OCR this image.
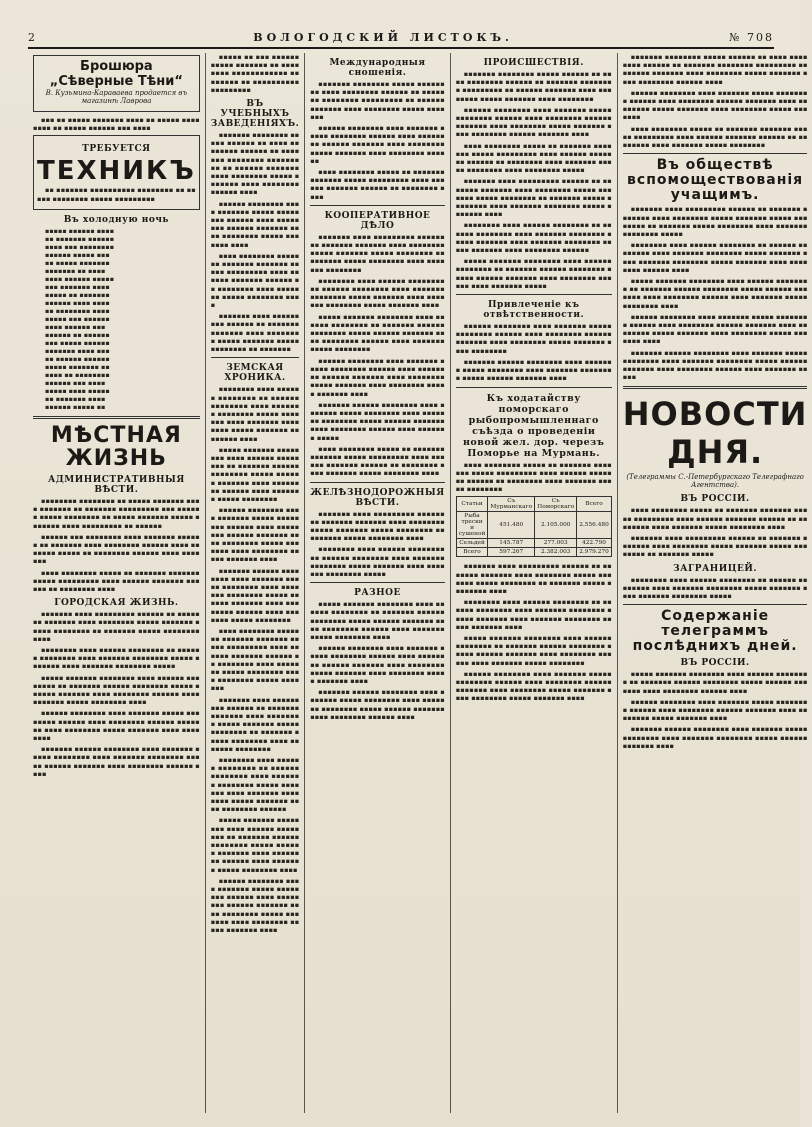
2	ВОЛОГОДСКИЙ ЛИСТОКЪ.	№ 708
Брошюра „Сѣверные Тѣни“
В. Кузьмина-Караваева продается въ магазинѣ Лаврова

▪▪▪ ▪▪ ▪▪▪▪▪ ▪▪▪▪▪▪▪ ▪▪▪▪ ▪▪ ▪▪▪▪▪ ▪▪▪▪▪▪▪▪ ▪▪ ▪▪▪▪▪ ▪▪▪▪▪▪ ▪▪▪ ▪▪▪▪

ТРЕБУЕТСЯ
ТЕХНИКЪ

▪▪ ▪▪▪▪▪▪▪ ▪▪▪▪▪▪▪▪▪▪ ▪▪▪▪▪▪▪▪ ▪▪ ▪▪▪▪▪ ▪▪▪▪▪▪▪▪ ▪▪▪▪▪ ▪▪▪▪▪▪▪▪▪

Въ холодную ночь
▪▪▪▪▪ ▪▪▪▪▪▪ ▪▪▪▪
▪▪ ▪▪▪▪▪▪▪ ▪▪▪▪▪▪
▪▪▪▪ ▪▪▪ ▪▪▪▪▪▪▪▪
▪▪▪▪▪▪ ▪▪▪▪▪ ▪▪▪
▪▪ ▪▪▪▪▪ ▪▪▪▪▪▪▪
▪▪▪▪▪▪▪ ▪▪ ▪▪▪▪
▪▪▪▪ ▪▪▪▪▪▪ ▪▪▪▪▪
▪▪▪ ▪▪▪▪▪▪▪ ▪▪▪▪
▪▪▪▪▪ ▪▪ ▪▪▪▪▪▪▪
▪▪▪▪▪▪ ▪▪▪▪ ▪▪▪▪
▪▪ ▪▪▪▪▪▪▪▪ ▪▪▪▪
▪▪▪▪▪ ▪▪▪ ▪▪▪▪▪▪
▪▪▪▪ ▪▪▪▪▪▪ ▪▪▪
▪▪▪▪▪▪ ▪▪ ▪▪▪▪▪▪
▪▪▪ ▪▪▪▪▪ ▪▪▪▪▪▪
▪▪▪▪▪▪▪ ▪▪▪▪ ▪▪▪
▪▪ ▪▪▪▪▪▪ ▪▪▪▪▪▪
▪▪▪▪▪ ▪▪▪▪▪▪▪ ▪▪
▪▪▪▪ ▪▪ ▪▪▪▪▪▪▪▪
▪▪▪▪▪▪ ▪▪▪ ▪▪▪▪
▪▪▪▪▪ ▪▪▪▪ ▪▪▪▪▪
▪▪ ▪▪▪▪▪▪▪ ▪▪▪▪
▪▪▪▪▪▪ ▪▪▪▪▪ ▪▪
МѢСТНАЯ ЖИЗНЬ
АДМИНИСТРАТИВНЫЯ ВѢСТИ.

▪▪▪▪▪▪▪▪ ▪▪▪▪▪▪▪▪ ▪▪ ▪▪▪▪▪ ▪▪▪▪▪▪▪ ▪▪▪▪ ▪▪▪▪▪▪▪ ▪▪ ▪▪▪▪▪▪▪ ▪▪▪▪▪▪▪▪▪ ▪▪▪ ▪▪▪▪▪▪ ▪▪▪▪▪ ▪▪▪▪▪▪▪▪ ▪▪ ▪▪▪▪▪ ▪▪▪▪▪▪▪ ▪▪▪▪▪ ▪▪▪▪▪▪▪ ▪▪▪▪ ▪▪▪▪▪▪▪▪▪ ▪▪ ▪▪▪▪▪▪

▪▪▪▪▪▪ ▪▪▪ ▪▪▪▪▪▪▪▪ ▪▪▪▪ ▪▪▪▪▪▪▪ ▪▪▪▪▪▪ ▪▪ ▪▪▪▪▪▪▪ ▪▪▪▪ ▪▪▪▪▪▪▪▪ ▪▪▪▪▪▪ ▪▪▪▪ ▪▪▪▪▪▪▪ ▪▪▪▪▪ ▪▪ ▪▪▪▪▪▪▪▪ ▪▪▪▪▪▪ ▪▪▪▪ ▪▪▪▪▪▪▪

▪▪▪▪ ▪▪▪▪▪▪▪▪ ▪▪▪▪▪ ▪▪ ▪▪▪▪▪▪▪ ▪▪▪▪▪▪▪ ▪▪▪▪▪ ▪▪▪▪▪▪▪▪▪ ▪▪▪▪ ▪▪▪▪▪▪ ▪▪▪▪▪▪▪ ▪▪▪▪▪▪ ▪▪ ▪▪▪▪▪▪▪▪ ▪▪▪▪

ГОРОДСКАЯ ЖИЗНЬ.

▪▪▪▪▪▪▪ ▪▪▪▪ ▪▪▪▪▪▪▪▪▪ ▪▪▪▪▪▪ ▪▪ ▪▪▪▪▪▪▪ ▪▪▪▪▪▪▪ ▪▪▪▪ ▪▪▪▪▪▪▪▪ ▪▪▪▪▪ ▪▪▪▪▪▪▪ ▪▪▪▪▪ ▪▪▪▪▪▪▪▪ ▪▪ ▪▪▪▪▪▪▪ ▪▪▪▪▪ ▪▪▪▪▪▪▪▪ ▪▪▪▪

▪▪▪▪▪▪▪▪ ▪▪▪▪ ▪▪▪▪▪▪ ▪▪▪▪▪▪▪▪ ▪▪ ▪▪▪▪▪▪ ▪▪▪▪▪▪▪▪ ▪▪▪▪ ▪▪▪▪▪▪▪ ▪▪▪▪▪▪▪▪ ▪▪▪▪▪ ▪▪▪▪▪▪▪ ▪▪▪▪ ▪▪▪▪▪▪▪ ▪▪▪▪▪▪▪▪ ▪▪▪▪▪

▪▪▪▪▪ ▪▪▪▪▪▪▪ ▪▪▪▪▪▪▪▪ ▪▪▪▪ ▪▪▪▪▪▪ ▪▪▪▪▪▪▪▪ ▪▪ ▪▪▪▪▪▪▪ ▪▪▪▪▪▪ ▪▪▪▪▪▪▪▪ ▪▪▪▪▪ ▪▪▪▪▪▪ ▪▪▪▪▪▪▪ ▪▪▪▪ ▪▪▪▪▪▪▪▪ ▪▪▪▪▪▪ ▪▪▪▪ ▪▪▪▪▪▪▪ ▪▪▪▪▪ ▪▪▪▪▪▪▪▪ ▪▪▪▪

▪▪▪▪▪▪ ▪▪▪▪▪▪▪▪ ▪▪▪▪ ▪▪▪▪▪▪▪ ▪▪▪▪▪ ▪▪▪▪▪▪▪▪ ▪▪▪▪▪▪ ▪▪▪▪ ▪▪▪▪▪▪▪▪ ▪▪▪▪▪▪ ▪▪▪▪▪▪▪ ▪▪▪▪ ▪▪▪▪▪▪▪▪ ▪▪▪▪▪ ▪▪▪▪▪▪▪ ▪▪▪▪ ▪▪▪▪▪▪▪▪

▪▪▪▪▪▪▪ ▪▪▪▪▪▪ ▪▪▪▪▪▪▪▪ ▪▪▪▪ ▪▪▪▪▪▪▪ ▪▪▪▪▪ ▪▪▪▪▪▪▪▪ ▪▪▪▪ ▪▪▪▪▪▪▪ ▪▪▪▪▪▪▪▪ ▪▪▪▪▪ ▪▪▪▪▪▪ ▪▪▪▪▪▪▪ ▪▪▪▪ ▪▪▪▪▪▪▪▪ ▪▪▪▪▪▪ ▪▪▪▪

▪▪▪▪▪ ▪▪ ▪▪▪ ▪▪▪▪▪▪ ▪▪▪▪▪ ▪▪▪▪▪▪▪ ▪▪ ▪▪▪▪▪▪▪▪ ▪▪▪▪▪▪▪▪▪▪▪▪ ▪▪▪▪▪▪▪▪ ▪▪ ▪▪▪▪▪▪▪▪▪▪ ▪▪▪▪▪▪▪▪▪

ВЪ УЧЕБНЫХЪ ЗАВЕДЕНІЯХЪ.

▪▪▪▪▪▪▪ ▪▪▪▪▪▪▪▪ ▪▪▪▪▪ ▪▪▪▪▪▪ ▪▪ ▪▪▪▪ ▪▪▪▪▪▪▪▪ ▪▪▪▪▪▪ ▪▪ ▪▪▪▪▪▪▪ ▪▪▪▪▪▪▪▪ ▪▪▪▪▪▪▪▪▪ ▪▪ ▪▪▪▪▪▪ ▪▪▪▪▪▪▪ ▪▪▪▪ ▪▪▪▪▪▪▪▪ ▪▪▪▪▪ ▪▪▪▪▪▪▪ ▪▪▪▪ ▪▪▪▪▪▪▪▪ ▪▪▪▪▪▪ ▪▪▪▪

▪▪▪▪▪▪ ▪▪▪▪▪▪▪▪ ▪▪▪▪ ▪▪▪▪▪▪▪ ▪▪▪▪▪ ▪▪▪▪▪▪▪▪ ▪▪▪▪▪▪ ▪▪▪▪ ▪▪▪▪▪▪▪▪ ▪▪▪▪▪▪ ▪▪▪▪▪▪▪ ▪▪▪▪ ▪▪▪▪▪▪▪▪ ▪▪▪▪▪ ▪▪▪▪▪▪▪ ▪▪▪▪

▪▪▪▪ ▪▪▪▪▪▪▪▪ ▪▪▪▪▪ ▪▪ ▪▪▪▪▪▪▪ ▪▪▪▪▪▪▪ ▪▪▪▪▪ ▪▪▪▪▪▪▪▪▪ ▪▪▪▪ ▪▪▪▪▪▪ ▪▪▪▪▪▪▪ ▪▪▪▪▪▪ ▪▪ ▪▪▪▪▪▪▪▪ ▪▪▪▪ ▪▪▪▪▪▪▪ ▪▪▪▪▪ ▪▪▪▪▪▪▪▪ ▪▪▪▪

▪▪▪▪▪▪▪ ▪▪▪▪ ▪▪▪▪▪▪▪▪▪ ▪▪▪▪▪▪ ▪▪ ▪▪▪▪▪▪▪ ▪▪▪▪▪▪▪ ▪▪▪▪ ▪▪▪▪▪▪▪▪ ▪▪▪▪▪ ▪▪▪▪▪▪▪ ▪▪▪▪▪ ▪▪▪▪▪▪▪▪ ▪▪ ▪▪▪▪▪▪▪

ЗЕМСКАЯ ХРОНИКА.

▪▪▪▪▪▪▪▪ ▪▪▪▪ ▪▪▪▪▪▪ ▪▪▪▪▪▪▪▪ ▪▪ ▪▪▪▪▪▪ ▪▪▪▪▪▪▪▪ ▪▪▪▪ ▪▪▪▪▪▪▪ ▪▪▪▪▪▪▪▪ ▪▪▪▪▪ ▪▪▪▪▪▪▪ ▪▪▪▪ ▪▪▪▪▪▪▪ ▪▪▪▪▪▪▪▪ ▪▪▪▪▪ ▪▪▪▪▪▪▪ ▪▪▪▪▪▪▪▪ ▪▪▪▪

▪▪▪▪▪ ▪▪▪▪▪▪▪ ▪▪▪▪▪▪▪▪ ▪▪▪▪ ▪▪▪▪▪▪ ▪▪▪▪▪▪▪▪ ▪▪ ▪▪▪▪▪▪▪ ▪▪▪▪▪▪ ▪▪▪▪▪▪▪▪ ▪▪▪▪▪ ▪▪▪▪▪▪ ▪▪▪▪▪▪▪ ▪▪▪▪ ▪▪▪▪▪▪▪▪ ▪▪▪▪▪▪ ▪▪▪▪ ▪▪▪▪▪▪▪ ▪▪▪▪▪ ▪▪▪▪▪▪▪▪

▪▪▪▪▪▪ ▪▪▪▪▪▪▪▪ ▪▪▪▪ ▪▪▪▪▪▪▪ ▪▪▪▪▪ ▪▪▪▪▪▪▪▪ ▪▪▪▪▪▪ ▪▪▪▪ ▪▪▪▪▪▪▪▪ ▪▪▪▪▪▪ ▪▪▪▪▪▪▪ ▪▪▪▪ ▪▪▪▪▪▪▪▪ ▪▪▪▪▪ ▪▪▪▪▪▪▪ ▪▪▪▪ ▪▪▪▪▪▪▪▪ ▪▪▪▪▪ ▪▪▪▪▪▪▪ ▪▪▪▪

▪▪▪▪▪▪▪ ▪▪▪▪▪▪ ▪▪▪▪▪▪▪▪ ▪▪▪▪ ▪▪▪▪▪▪▪ ▪▪▪▪▪ ▪▪▪▪▪▪▪▪ ▪▪▪▪ ▪▪▪▪▪▪▪ ▪▪▪▪▪▪▪▪ ▪▪▪▪▪ ▪▪▪▪▪▪ ▪▪▪▪▪▪▪ ▪▪▪▪ ▪▪▪▪▪▪▪▪ ▪▪▪▪▪▪ ▪▪▪▪ ▪▪▪▪▪▪▪ ▪▪▪▪▪ ▪▪▪▪▪▪▪▪

▪▪▪▪ ▪▪▪▪▪▪▪▪ ▪▪▪▪▪ ▪▪ ▪▪▪▪▪▪▪ ▪▪▪▪▪▪▪ ▪▪▪▪▪ ▪▪▪▪▪▪▪▪▪ ▪▪▪▪ ▪▪▪▪▪▪ ▪▪▪▪▪▪▪ ▪▪▪▪▪▪ ▪▪ ▪▪▪▪▪▪▪▪ ▪▪▪▪ ▪▪▪▪▪▪▪ ▪▪▪▪▪ ▪▪▪▪▪▪▪▪ ▪▪▪▪ ▪▪▪▪▪▪▪▪ ▪▪▪▪▪ ▪▪▪▪▪▪▪

▪▪▪▪▪▪▪ ▪▪▪▪ ▪▪▪▪▪▪▪▪▪ ▪▪▪▪▪▪ ▪▪ ▪▪▪▪▪▪▪ ▪▪▪▪▪▪▪ ▪▪▪▪ ▪▪▪▪▪▪▪▪ ▪▪▪▪▪ ▪▪▪▪▪▪▪ ▪▪▪▪▪ ▪▪▪▪▪▪▪▪ ▪▪ ▪▪▪▪▪▪▪ ▪▪▪▪▪ ▪▪▪▪▪▪▪▪ ▪▪▪▪ ▪▪▪▪▪▪▪ ▪▪▪▪▪▪▪▪

▪▪▪▪▪▪▪▪ ▪▪▪▪ ▪▪▪▪▪▪ ▪▪▪▪▪▪▪▪ ▪▪ ▪▪▪▪▪▪ ▪▪▪▪▪▪▪▪ ▪▪▪▪ ▪▪▪▪▪▪▪ ▪▪▪▪▪▪▪▪ ▪▪▪▪▪ ▪▪▪▪▪▪▪ ▪▪▪▪ ▪▪▪▪▪▪▪ ▪▪▪▪▪▪▪▪ ▪▪▪▪▪ ▪▪▪▪▪▪▪ ▪▪▪▪ ▪▪▪▪▪▪▪▪ ▪▪▪▪▪▪

▪▪▪▪▪ ▪▪▪▪▪▪▪ ▪▪▪▪▪▪▪▪ ▪▪▪▪ ▪▪▪▪▪▪ ▪▪▪▪▪▪▪▪ ▪▪ ▪▪▪▪▪▪▪ ▪▪▪▪▪▪ ▪▪▪▪▪▪▪▪ ▪▪▪▪▪ ▪▪▪▪▪▪ ▪▪▪▪▪▪▪ ▪▪▪▪ ▪▪▪▪▪▪▪▪ ▪▪▪▪▪▪ ▪▪▪▪ ▪▪▪▪▪▪▪ ▪▪▪▪▪ ▪▪▪▪▪▪▪▪ ▪▪▪▪

▪▪▪▪▪▪ ▪▪▪▪▪▪▪▪ ▪▪▪▪ ▪▪▪▪▪▪▪ ▪▪▪▪▪ ▪▪▪▪▪▪▪▪ ▪▪▪▪▪▪ ▪▪▪▪ ▪▪▪▪▪▪▪▪ ▪▪▪▪▪▪ ▪▪▪▪▪▪▪ ▪▪▪▪ ▪▪▪▪▪▪▪▪ ▪▪▪▪▪ ▪▪▪▪▪▪▪ ▪▪▪▪ ▪▪▪▪▪▪▪▪ ▪▪▪▪▪ ▪▪▪▪▪▪▪ ▪▪▪▪

Международныя сношенія.

▪▪▪▪▪▪▪ ▪▪▪▪▪▪▪▪ ▪▪▪▪▪ ▪▪▪▪▪▪ ▪▪ ▪▪▪▪ ▪▪▪▪▪▪▪▪ ▪▪▪▪▪▪ ▪▪ ▪▪▪▪▪▪▪ ▪▪▪▪▪▪▪▪ ▪▪▪▪▪▪▪▪▪ ▪▪ ▪▪▪▪▪▪ ▪▪▪▪▪▪▪ ▪▪▪▪ ▪▪▪▪▪▪▪▪ ▪▪▪▪▪ ▪▪▪▪▪▪▪

▪▪▪▪▪▪ ▪▪▪▪▪▪▪▪ ▪▪▪▪ ▪▪▪▪▪▪▪ ▪▪▪▪▪ ▪▪▪▪▪▪▪▪ ▪▪▪▪▪▪ ▪▪▪▪ ▪▪▪▪▪▪▪▪ ▪▪▪▪▪▪ ▪▪▪▪▪▪▪ ▪▪▪▪ ▪▪▪▪▪▪▪▪ ▪▪▪▪▪ ▪▪▪▪▪▪▪ ▪▪▪▪ ▪▪▪▪▪▪▪▪ ▪▪▪▪▪▪

▪▪▪▪ ▪▪▪▪▪▪▪▪ ▪▪▪▪▪ ▪▪ ▪▪▪▪▪▪▪ ▪▪▪▪▪▪▪ ▪▪▪▪▪ ▪▪▪▪▪▪▪▪▪ ▪▪▪▪ ▪▪▪▪▪▪ ▪▪▪▪▪▪▪ ▪▪▪▪▪▪ ▪▪ ▪▪▪▪▪▪▪▪ ▪▪▪▪

КООПЕРАТИВНОЕ ДѢЛО

▪▪▪▪▪▪▪ ▪▪▪▪ ▪▪▪▪▪▪▪▪▪ ▪▪▪▪▪▪ ▪▪ ▪▪▪▪▪▪▪ ▪▪▪▪▪▪▪ ▪▪▪▪ ▪▪▪▪▪▪▪▪ ▪▪▪▪▪ ▪▪▪▪▪▪▪ ▪▪▪▪▪ ▪▪▪▪▪▪▪▪ ▪▪ ▪▪▪▪▪▪▪ ▪▪▪▪▪ ▪▪▪▪▪▪▪▪ ▪▪▪▪ ▪▪▪▪▪▪▪ ▪▪▪▪▪▪▪▪

▪▪▪▪▪▪▪▪ ▪▪▪▪ ▪▪▪▪▪▪ ▪▪▪▪▪▪▪▪ ▪▪ ▪▪▪▪▪▪ ▪▪▪▪▪▪▪▪ ▪▪▪▪ ▪▪▪▪▪▪▪ ▪▪▪▪▪▪▪▪ ▪▪▪▪▪ ▪▪▪▪▪▪▪ ▪▪▪▪ ▪▪▪▪▪▪▪ ▪▪▪▪▪▪▪▪ ▪▪▪▪▪ ▪▪▪▪▪▪▪ ▪▪▪▪

▪▪▪▪▪ ▪▪▪▪▪▪▪ ▪▪▪▪▪▪▪▪ ▪▪▪▪ ▪▪▪▪▪▪ ▪▪▪▪▪▪▪▪ ▪▪ ▪▪▪▪▪▪▪ ▪▪▪▪▪▪ ▪▪▪▪▪▪▪▪ ▪▪▪▪▪ ▪▪▪▪▪▪ ▪▪▪▪▪▪▪ ▪▪▪▪ ▪▪▪▪▪▪▪▪ ▪▪▪▪▪▪ ▪▪▪▪ ▪▪▪▪▪▪▪ ▪▪▪▪▪ ▪▪▪▪▪▪▪▪

▪▪▪▪▪▪ ▪▪▪▪▪▪▪▪ ▪▪▪▪ ▪▪▪▪▪▪▪ ▪▪▪▪▪ ▪▪▪▪▪▪▪▪ ▪▪▪▪▪▪ ▪▪▪▪ ▪▪▪▪▪▪▪▪ ▪▪▪▪▪▪ ▪▪▪▪▪▪▪ ▪▪▪▪ ▪▪▪▪▪▪▪▪ ▪▪▪▪▪ ▪▪▪▪▪▪▪ ▪▪▪▪ ▪▪▪▪▪▪▪▪ ▪▪▪▪▪ ▪▪▪▪▪▪▪ ▪▪▪▪

▪▪▪▪▪▪▪ ▪▪▪▪▪▪ ▪▪▪▪▪▪▪▪ ▪▪▪▪ ▪▪▪▪▪▪▪ ▪▪▪▪▪ ▪▪▪▪▪▪▪▪ ▪▪▪▪ ▪▪▪▪▪▪▪ ▪▪▪▪▪▪▪▪ ▪▪▪▪▪ ▪▪▪▪▪▪ ▪▪▪▪▪▪▪ ▪▪▪▪ ▪▪▪▪▪▪▪▪ ▪▪▪▪▪▪ ▪▪▪▪ ▪▪▪▪▪▪▪ ▪▪▪▪▪

▪▪▪▪ ▪▪▪▪▪▪▪▪ ▪▪▪▪▪ ▪▪ ▪▪▪▪▪▪▪ ▪▪▪▪▪▪▪ ▪▪▪▪▪ ▪▪▪▪▪▪▪▪▪ ▪▪▪▪ ▪▪▪▪▪▪ ▪▪▪▪▪▪▪ ▪▪▪▪▪▪ ▪▪ ▪▪▪▪▪▪▪▪ ▪▪▪▪ ▪▪▪▪▪▪▪ ▪▪▪▪▪ ▪▪▪▪▪▪▪▪ ▪▪▪▪

ЖЕЛѢЗНОДОРОЖНЫЯ ВѢСТИ.

▪▪▪▪▪▪▪ ▪▪▪▪ ▪▪▪▪▪▪▪▪▪ ▪▪▪▪▪▪ ▪▪ ▪▪▪▪▪▪▪ ▪▪▪▪▪▪▪ ▪▪▪▪ ▪▪▪▪▪▪▪▪ ▪▪▪▪▪ ▪▪▪▪▪▪▪ ▪▪▪▪▪ ▪▪▪▪▪▪▪▪ ▪▪ ▪▪▪▪▪▪▪ ▪▪▪▪▪ ▪▪▪▪▪▪▪▪ ▪▪▪▪

▪▪▪▪▪▪▪▪ ▪▪▪▪ ▪▪▪▪▪▪ ▪▪▪▪▪▪▪▪ ▪▪ ▪▪▪▪▪▪ ▪▪▪▪▪▪▪▪ ▪▪▪▪ ▪▪▪▪▪▪▪ ▪▪▪▪▪▪▪▪ ▪▪▪▪▪ ▪▪▪▪▪▪▪ ▪▪▪▪ ▪▪▪▪▪▪▪ ▪▪▪▪▪▪▪▪ ▪▪▪▪▪

РАЗНОЕ

▪▪▪▪▪ ▪▪▪▪▪▪▪ ▪▪▪▪▪▪▪▪ ▪▪▪▪ ▪▪▪▪▪▪ ▪▪▪▪▪▪▪▪ ▪▪ ▪▪▪▪▪▪▪ ▪▪▪▪▪▪ ▪▪▪▪▪▪▪▪ ▪▪▪▪▪ ▪▪▪▪▪▪ ▪▪▪▪▪▪▪ ▪▪▪▪ ▪▪▪▪▪▪▪▪ ▪▪▪▪▪▪ ▪▪▪▪ ▪▪▪▪▪▪▪ ▪▪▪▪▪ ▪▪▪▪▪▪▪▪ ▪▪▪▪

▪▪▪▪▪▪ ▪▪▪▪▪▪▪▪ ▪▪▪▪ ▪▪▪▪▪▪▪ ▪▪▪▪▪ ▪▪▪▪▪▪▪▪ ▪▪▪▪▪▪ ▪▪▪▪ ▪▪▪▪▪▪▪▪ ▪▪▪▪▪▪ ▪▪▪▪▪▪▪ ▪▪▪▪ ▪▪▪▪▪▪▪▪ ▪▪▪▪▪ ▪▪▪▪▪▪▪ ▪▪▪▪ ▪▪▪▪▪▪▪▪ ▪▪▪▪▪ ▪▪▪▪▪▪▪ ▪▪▪▪

▪▪▪▪▪▪▪ ▪▪▪▪▪▪ ▪▪▪▪▪▪▪▪ ▪▪▪▪ ▪▪▪▪▪▪▪ ▪▪▪▪▪ ▪▪▪▪▪▪▪▪ ▪▪▪▪ ▪▪▪▪▪▪▪ ▪▪▪▪▪▪▪▪ ▪▪▪▪▪ ▪▪▪▪▪▪ ▪▪▪▪▪▪▪ ▪▪▪▪ ▪▪▪▪▪▪▪▪ ▪▪▪▪▪▪ ▪▪▪▪

ПРОИСШЕСТВІЯ.

▪▪▪▪▪▪▪ ▪▪▪▪▪▪▪▪ ▪▪▪▪▪ ▪▪▪▪▪▪ ▪▪ ▪▪▪▪ ▪▪▪▪▪▪▪▪ ▪▪▪▪▪▪ ▪▪ ▪▪▪▪▪▪▪ ▪▪▪▪▪▪▪▪ ▪▪▪▪▪▪▪▪▪ ▪▪ ▪▪▪▪▪▪ ▪▪▪▪▪▪▪ ▪▪▪▪ ▪▪▪▪▪▪▪▪ ▪▪▪▪▪ ▪▪▪▪▪▪▪ ▪▪▪▪ ▪▪▪▪▪▪▪▪

▪▪▪▪▪▪ ▪▪▪▪▪▪▪▪ ▪▪▪▪ ▪▪▪▪▪▪▪ ▪▪▪▪▪ ▪▪▪▪▪▪▪▪ ▪▪▪▪▪▪ ▪▪▪▪ ▪▪▪▪▪▪▪▪ ▪▪▪▪▪▪ ▪▪▪▪▪▪▪ ▪▪▪▪ ▪▪▪▪▪▪▪▪ ▪▪▪▪▪ ▪▪▪▪▪▪▪ ▪▪▪▪ ▪▪▪▪▪▪▪▪ ▪▪▪▪▪▪ ▪▪▪▪▪▪▪ ▪▪▪▪

▪▪▪▪ ▪▪▪▪▪▪▪▪ ▪▪▪▪▪ ▪▪ ▪▪▪▪▪▪▪ ▪▪▪▪▪▪▪ ▪▪▪▪▪ ▪▪▪▪▪▪▪▪▪ ▪▪▪▪ ▪▪▪▪▪▪ ▪▪▪▪▪▪▪ ▪▪▪▪▪▪ ▪▪ ▪▪▪▪▪▪▪▪ ▪▪▪▪ ▪▪▪▪▪▪▪ ▪▪▪▪▪ ▪▪▪▪▪▪▪▪ ▪▪▪▪ ▪▪▪▪▪▪▪▪ ▪▪▪▪▪

▪▪▪▪▪▪▪ ▪▪▪▪ ▪▪▪▪▪▪▪▪▪ ▪▪▪▪▪▪ ▪▪ ▪▪▪▪▪▪▪ ▪▪▪▪▪▪▪ ▪▪▪▪ ▪▪▪▪▪▪▪▪ ▪▪▪▪▪ ▪▪▪▪▪▪▪ ▪▪▪▪▪ ▪▪▪▪▪▪▪▪ ▪▪ ▪▪▪▪▪▪▪ ▪▪▪▪▪ ▪▪▪▪▪▪▪▪ ▪▪▪▪ ▪▪▪▪▪▪▪ ▪▪▪▪▪▪▪▪ ▪▪▪▪▪ ▪▪▪▪▪▪▪ ▪▪▪▪

▪▪▪▪▪▪▪▪ ▪▪▪▪ ▪▪▪▪▪▪ ▪▪▪▪▪▪▪▪ ▪▪ ▪▪▪▪▪▪ ▪▪▪▪▪▪▪▪ ▪▪▪▪ ▪▪▪▪▪▪▪ ▪▪▪▪▪▪▪▪ ▪▪▪▪▪ ▪▪▪▪▪▪▪ ▪▪▪▪ ▪▪▪▪▪▪▪ ▪▪▪▪▪▪▪▪ ▪▪▪▪▪ ▪▪▪▪▪▪▪ ▪▪▪▪ ▪▪▪▪▪▪▪▪ ▪▪▪▪▪▪

▪▪▪▪▪ ▪▪▪▪▪▪▪ ▪▪▪▪▪▪▪▪ ▪▪▪▪ ▪▪▪▪▪▪ ▪▪▪▪▪▪▪▪ ▪▪ ▪▪▪▪▪▪▪ ▪▪▪▪▪▪ ▪▪▪▪▪▪▪▪ ▪▪▪▪▪ ▪▪▪▪▪▪ ▪▪▪▪▪▪▪ ▪▪▪▪ ▪▪▪▪▪▪▪▪ ▪▪▪▪▪▪ ▪▪▪▪ ▪▪▪▪▪▪▪ ▪▪▪▪▪

Привлеченіе къ отвѣтственности.

▪▪▪▪▪▪ ▪▪▪▪▪▪▪▪ ▪▪▪▪ ▪▪▪▪▪▪▪ ▪▪▪▪▪ ▪▪▪▪▪▪▪▪ ▪▪▪▪▪▪ ▪▪▪▪ ▪▪▪▪▪▪▪▪ ▪▪▪▪▪▪ ▪▪▪▪▪▪▪ ▪▪▪▪ ▪▪▪▪▪▪▪▪ ▪▪▪▪▪ ▪▪▪▪▪▪▪ ▪▪▪▪ ▪▪▪▪▪▪▪▪

▪▪▪▪▪▪▪ ▪▪▪▪▪▪ ▪▪▪▪▪▪▪▪ ▪▪▪▪ ▪▪▪▪▪▪▪ ▪▪▪▪▪ ▪▪▪▪▪▪▪▪ ▪▪▪▪ ▪▪▪▪▪▪▪ ▪▪▪▪▪▪▪▪ ▪▪▪▪▪ ▪▪▪▪▪▪ ▪▪▪▪▪▪▪ ▪▪▪▪

Къ ходатайству поморскаго рыбопромышленнаго съѣзда о проведеніи новой жел. дор. черезъ Поморье на Мурмань.

▪▪▪▪ ▪▪▪▪▪▪▪▪ ▪▪▪▪▪ ▪▪ ▪▪▪▪▪▪▪ ▪▪▪▪▪▪▪ ▪▪▪▪▪ ▪▪▪▪▪▪▪▪▪ ▪▪▪▪ ▪▪▪▪▪▪ ▪▪▪▪▪▪▪ ▪▪▪▪▪▪ ▪▪ ▪▪▪▪▪▪▪▪ ▪▪▪▪ ▪▪▪▪▪▪▪ ▪▪▪▪▪ ▪▪▪▪▪▪▪▪

Статьи	Съ Мурманскаго	Съ Поморскаго	Всего
Рыба трески и сушеной	451.480	2.105.000	2.556.480
Сельдей	145.787	277.003	422.790
Всего	597.267	2.382.003	2.979.270

▪▪▪▪▪▪▪ ▪▪▪▪ ▪▪▪▪▪▪▪▪▪ ▪▪▪▪▪▪ ▪▪ ▪▪▪▪▪▪▪ ▪▪▪▪▪▪▪ ▪▪▪▪ ▪▪▪▪▪▪▪▪ ▪▪▪▪▪ ▪▪▪▪▪▪▪ ▪▪▪▪▪ ▪▪▪▪▪▪▪▪ ▪▪ ▪▪▪▪▪▪▪ ▪▪▪▪▪ ▪▪▪▪▪▪▪▪ ▪▪▪▪

▪▪▪▪▪▪▪▪ ▪▪▪▪ ▪▪▪▪▪▪ ▪▪▪▪▪▪▪▪ ▪▪ ▪▪▪▪▪▪ ▪▪▪▪▪▪▪▪ ▪▪▪▪ ▪▪▪▪▪▪▪ ▪▪▪▪▪▪▪▪ ▪▪▪▪▪ ▪▪▪▪▪▪▪ ▪▪▪▪ ▪▪▪▪▪▪▪ ▪▪▪▪▪▪▪▪ ▪▪▪▪▪ ▪▪▪▪▪▪▪ ▪▪▪▪

▪▪▪▪▪ ▪▪▪▪▪▪▪ ▪▪▪▪▪▪▪▪ ▪▪▪▪ ▪▪▪▪▪▪ ▪▪▪▪▪▪▪▪ ▪▪ ▪▪▪▪▪▪▪ ▪▪▪▪▪▪ ▪▪▪▪▪▪▪▪ ▪▪▪▪▪ ▪▪▪▪▪▪ ▪▪▪▪▪▪▪ ▪▪▪▪ ▪▪▪▪▪▪▪▪ ▪▪▪▪▪▪ ▪▪▪▪ ▪▪▪▪▪▪▪ ▪▪▪▪▪ ▪▪▪▪▪▪▪▪

▪▪▪▪▪▪ ▪▪▪▪▪▪▪▪ ▪▪▪▪ ▪▪▪▪▪▪▪ ▪▪▪▪▪ ▪▪▪▪▪▪▪▪ ▪▪▪▪▪▪ ▪▪▪▪ ▪▪▪▪▪▪▪▪ ▪▪▪▪▪▪ ▪▪▪▪▪▪▪ ▪▪▪▪ ▪▪▪▪▪▪▪▪ ▪▪▪▪▪ ▪▪▪▪▪▪▪ ▪▪▪▪ ▪▪▪▪▪▪▪▪ ▪▪▪▪▪ ▪▪▪▪▪▪▪ ▪▪▪▪

▪▪▪▪▪▪▪ ▪▪▪▪▪▪▪▪ ▪▪▪▪▪ ▪▪▪▪▪▪ ▪▪ ▪▪▪▪ ▪▪▪▪▪▪▪▪ ▪▪▪▪▪▪ ▪▪ ▪▪▪▪▪▪▪ ▪▪▪▪▪▪▪▪ ▪▪▪▪▪▪▪▪▪ ▪▪ ▪▪▪▪▪▪ ▪▪▪▪▪▪▪ ▪▪▪▪ ▪▪▪▪▪▪▪▪ ▪▪▪▪▪ ▪▪▪▪▪▪▪ ▪▪▪▪ ▪▪▪▪▪▪▪▪ ▪▪▪▪▪▪ ▪▪▪▪

▪▪▪▪▪▪ ▪▪▪▪▪▪▪▪ ▪▪▪▪ ▪▪▪▪▪▪▪ ▪▪▪▪▪ ▪▪▪▪▪▪▪▪ ▪▪▪▪▪▪ ▪▪▪▪ ▪▪▪▪▪▪▪▪ ▪▪▪▪▪▪ ▪▪▪▪▪▪▪ ▪▪▪▪ ▪▪▪▪▪▪▪▪ ▪▪▪▪▪ ▪▪▪▪▪▪▪ ▪▪▪▪ ▪▪▪▪▪▪▪▪ ▪▪▪▪▪ ▪▪▪▪▪▪▪

▪▪▪▪ ▪▪▪▪▪▪▪▪ ▪▪▪▪▪ ▪▪ ▪▪▪▪▪▪▪ ▪▪▪▪▪▪▪ ▪▪▪▪▪ ▪▪▪▪▪▪▪▪▪ ▪▪▪▪ ▪▪▪▪▪▪ ▪▪▪▪▪▪▪ ▪▪▪▪▪▪ ▪▪ ▪▪▪▪▪▪▪▪ ▪▪▪▪ ▪▪▪▪▪▪▪ ▪▪▪▪▪ ▪▪▪▪▪▪▪▪

Въ обществѣ вспомоществованія учащимъ.

▪▪▪▪▪▪▪ ▪▪▪▪ ▪▪▪▪▪▪▪▪▪ ▪▪▪▪▪▪ ▪▪ ▪▪▪▪▪▪▪ ▪▪▪▪▪▪▪ ▪▪▪▪ ▪▪▪▪▪▪▪▪ ▪▪▪▪▪ ▪▪▪▪▪▪▪ ▪▪▪▪▪ ▪▪▪▪▪▪▪▪ ▪▪ ▪▪▪▪▪▪▪ ▪▪▪▪▪ ▪▪▪▪▪▪▪▪ ▪▪▪▪ ▪▪▪▪▪▪▪ ▪▪▪▪▪▪▪▪ ▪▪▪▪▪

▪▪▪▪▪▪▪▪ ▪▪▪▪ ▪▪▪▪▪▪ ▪▪▪▪▪▪▪▪ ▪▪ ▪▪▪▪▪▪ ▪▪▪▪▪▪▪▪ ▪▪▪▪ ▪▪▪▪▪▪▪ ▪▪▪▪▪▪▪▪ ▪▪▪▪▪ ▪▪▪▪▪▪▪ ▪▪▪▪ ▪▪▪▪▪▪▪ ▪▪▪▪▪▪▪▪ ▪▪▪▪▪ ▪▪▪▪▪▪▪ ▪▪▪▪ ▪▪▪▪▪▪▪▪ ▪▪▪▪▪▪ ▪▪▪▪

▪▪▪▪▪ ▪▪▪▪▪▪▪ ▪▪▪▪▪▪▪▪ ▪▪▪▪ ▪▪▪▪▪▪ ▪▪▪▪▪▪▪▪ ▪▪ ▪▪▪▪▪▪▪ ▪▪▪▪▪▪ ▪▪▪▪▪▪▪▪ ▪▪▪▪▪ ▪▪▪▪▪▪ ▪▪▪▪▪▪▪ ▪▪▪▪ ▪▪▪▪▪▪▪▪ ▪▪▪▪▪▪ ▪▪▪▪ ▪▪▪▪▪▪▪ ▪▪▪▪▪ ▪▪▪▪▪▪▪▪ ▪▪▪▪

▪▪▪▪▪▪ ▪▪▪▪▪▪▪▪ ▪▪▪▪ ▪▪▪▪▪▪▪ ▪▪▪▪▪ ▪▪▪▪▪▪▪▪ ▪▪▪▪▪▪ ▪▪▪▪ ▪▪▪▪▪▪▪▪ ▪▪▪▪▪▪ ▪▪▪▪▪▪▪ ▪▪▪▪ ▪▪▪▪▪▪▪▪ ▪▪▪▪▪ ▪▪▪▪▪▪▪ ▪▪▪▪ ▪▪▪▪▪▪▪▪ ▪▪▪▪▪ ▪▪▪▪▪▪▪ ▪▪▪▪

▪▪▪▪▪▪▪ ▪▪▪▪▪▪ ▪▪▪▪▪▪▪▪ ▪▪▪▪ ▪▪▪▪▪▪▪ ▪▪▪▪▪ ▪▪▪▪▪▪▪▪ ▪▪▪▪ ▪▪▪▪▪▪▪ ▪▪▪▪▪▪▪▪ ▪▪▪▪▪ ▪▪▪▪▪▪ ▪▪▪▪▪▪▪ ▪▪▪▪ ▪▪▪▪▪▪▪▪ ▪▪▪▪▪▪ ▪▪▪▪ ▪▪▪▪▪▪▪ ▪▪▪▪▪

НОВОСТИ ДНЯ.
(Телеграммы С.-Петербургскаго Телеграфнаго Агентства).
ВЪ РОССІИ.

▪▪▪▪ ▪▪▪▪▪▪▪▪ ▪▪▪▪▪ ▪▪ ▪▪▪▪▪▪▪ ▪▪▪▪▪▪▪ ▪▪▪▪▪ ▪▪▪▪▪▪▪▪▪ ▪▪▪▪ ▪▪▪▪▪▪ ▪▪▪▪▪▪▪ ▪▪▪▪▪▪ ▪▪ ▪▪▪▪▪▪▪▪ ▪▪▪▪ ▪▪▪▪▪▪▪ ▪▪▪▪▪ ▪▪▪▪▪▪▪▪ ▪▪▪▪

▪▪▪▪▪▪▪ ▪▪▪▪ ▪▪▪▪▪▪▪▪▪ ▪▪▪▪▪▪ ▪▪ ▪▪▪▪▪▪▪ ▪▪▪▪▪▪▪ ▪▪▪▪ ▪▪▪▪▪▪▪▪ ▪▪▪▪▪ ▪▪▪▪▪▪▪ ▪▪▪▪▪ ▪▪▪▪▪▪▪▪ ▪▪ ▪▪▪▪▪▪▪ ▪▪▪▪▪

ЗАГРАНИЦЕЙ.

▪▪▪▪▪▪▪▪ ▪▪▪▪ ▪▪▪▪▪▪ ▪▪▪▪▪▪▪▪ ▪▪ ▪▪▪▪▪▪ ▪▪▪▪▪▪▪▪ ▪▪▪▪ ▪▪▪▪▪▪▪ ▪▪▪▪▪▪▪▪ ▪▪▪▪▪ ▪▪▪▪▪▪▪ ▪▪▪▪ ▪▪▪▪▪▪▪ ▪▪▪▪▪▪▪▪ ▪▪▪▪▪

Содержаніе телеграммъ послѣднихъ дней.
ВЪ РОССІИ.

▪▪▪▪▪ ▪▪▪▪▪▪▪ ▪▪▪▪▪▪▪▪ ▪▪▪▪ ▪▪▪▪▪▪ ▪▪▪▪▪▪▪▪ ▪▪ ▪▪▪▪▪▪▪ ▪▪▪▪▪▪ ▪▪▪▪▪▪▪▪ ▪▪▪▪▪ ▪▪▪▪▪▪ ▪▪▪▪▪▪▪ ▪▪▪▪ ▪▪▪▪▪▪▪▪ ▪▪▪▪▪▪ ▪▪▪▪

▪▪▪▪▪▪ ▪▪▪▪▪▪▪▪ ▪▪▪▪ ▪▪▪▪▪▪▪ ▪▪▪▪▪ ▪▪▪▪▪▪▪▪ ▪▪▪▪▪▪ ▪▪▪▪ ▪▪▪▪▪▪▪▪ ▪▪▪▪▪▪ ▪▪▪▪▪▪▪ ▪▪▪▪ ▪▪▪▪▪▪▪▪ ▪▪▪▪▪ ▪▪▪▪▪▪▪ ▪▪▪▪

▪▪▪▪▪▪▪ ▪▪▪▪▪▪ ▪▪▪▪▪▪▪▪ ▪▪▪▪ ▪▪▪▪▪▪▪ ▪▪▪▪▪ ▪▪▪▪▪▪▪▪ ▪▪▪▪ ▪▪▪▪▪▪▪ ▪▪▪▪▪▪▪▪ ▪▪▪▪▪ ▪▪▪▪▪▪ ▪▪▪▪▪▪▪ ▪▪▪▪
